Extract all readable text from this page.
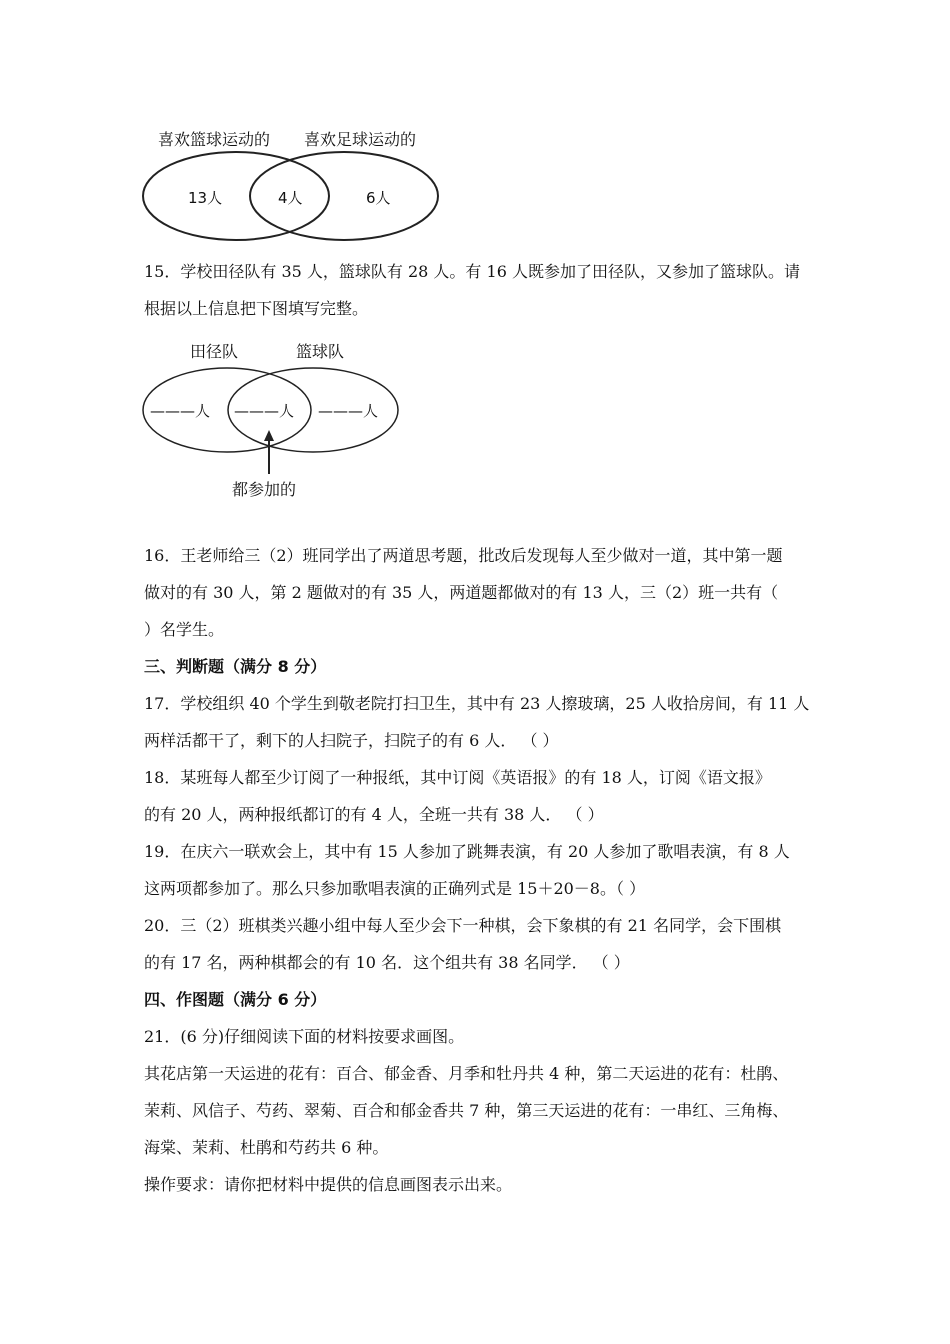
喜欢篮球运动的 喜欢足球运动的
13人	4人	6人
15．学校田径队有 35 人，篮球队有 28 人。有 16 人既参加了田径队，又参加了篮球队。请
根据以上信息把下图填写完整。
田径队	篮球队
———人 ———人 ———人
都参加的
16．王老师给三（2）班同学出了两道思考题，批改后发现每人至少做对一道，其中第一题
做对的有 30 人，第 2 题做对的有 35 人，两道题都做对的有 13 人，三（2）班一共有（
）名学生。
三、判断题（满分 8 分）
17．学校组织 40 个学生到敬老院打扫卫生，其中有 23 人擦玻璃，25 人收拾房间，有 11 人
两样活都干了，剩下的人扫院子，扫院子的有 6 人． （ ）
18．某班每人都至少订阅了一种报纸，其中订阅《英语报》的有 18 人，订阅《语文报》
的有 20 人，两种报纸都订的有 4 人，全班一共有 38 人． （ ）
19．在庆六一联欢会上，其中有 15 人参加了跳舞表演，有 20 人参加了歌唱表演，有 8 人
这两项都参加了。那么只参加歌唱表演的正确列式是 15＋20－8。（ ）
20．三（2）班棋类兴趣小组中每人至少会下一种棋，会下象棋的有 21 名同学，会下围棋
的有 17 名，两种棋都会的有 10 名．这个组共有 38 名同学． （ ）
四、作图题（满分 6 分）
21．(6 分)仔细阅读下面的材料按要求画图。
其花店第一天运进的花有：百合、郁金香、月季和牡丹共 4 种，第二天运进的花有：杜鹃、
茉莉、风信子、芍药、翠菊、百合和郁金香共 7 种，第三天运进的花有：一串红、三角梅、
海棠、茉莉、杜鹃和芍药共 6 种。
操作要求：请你把材料中提供的信息画图表示出来。
